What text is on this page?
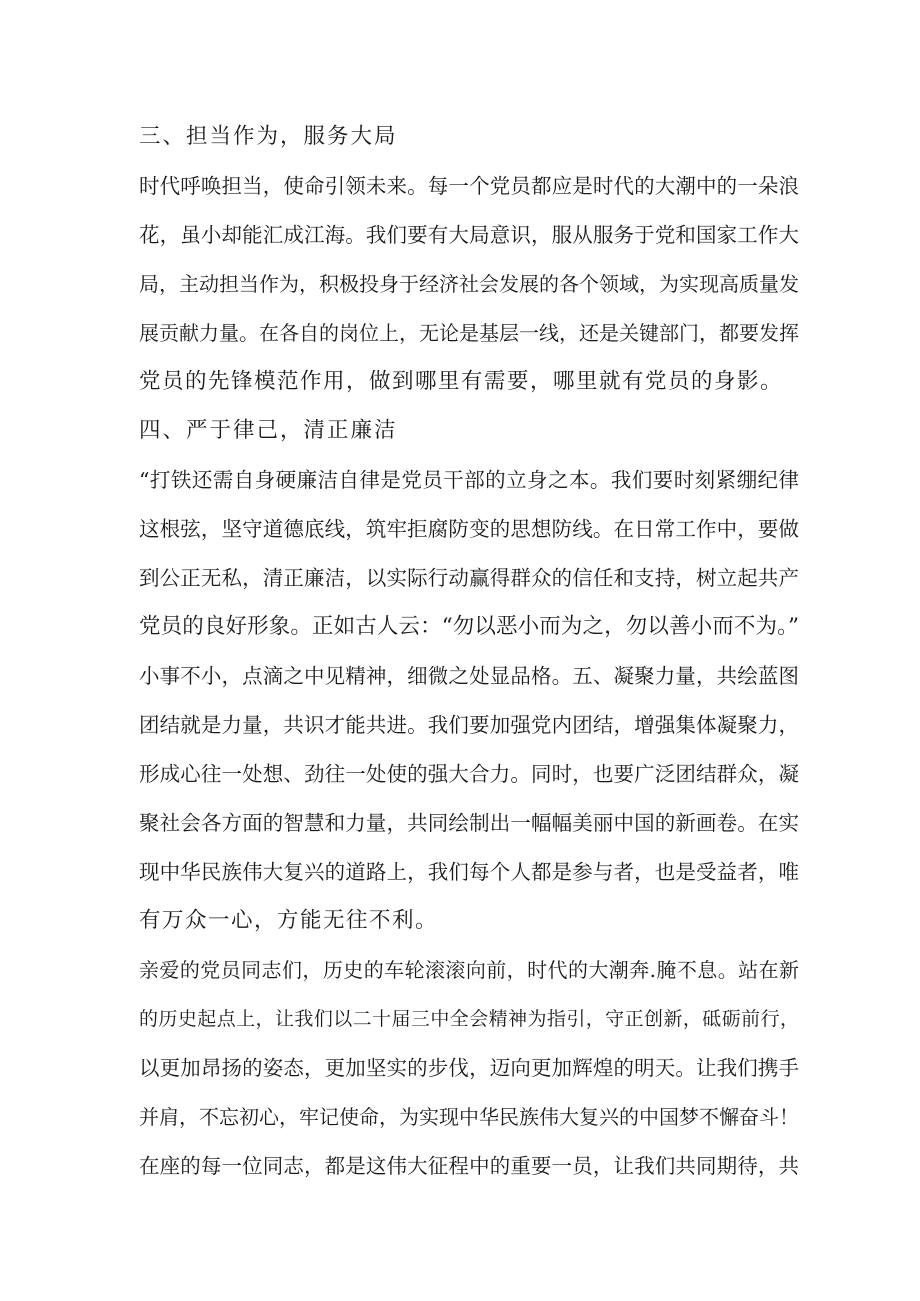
三、担当作为，服务大局
时代呼唤担当，使命引领未来。每一个党员都应是时代的大潮中的一朵浪
花，虽小却能汇成江海。我们要有大局意识，服从服务于党和国家工作大
局，主动担当作为，积极投身于经济社会发展的各个领域，为实现高质量发
展贡献力量。在各自的岗位上，无论是基层一线，还是关键部门，都要发挥
党员的先锋模范作用，做到哪里有需要，哪里就有党员的身影。
四、严于律己，清正廉洁
“打铁还需自身硬廉洁自律是党员干部的立身之本。我们要时刻紧绷纪律
这根弦，坚守道德底线，筑牢拒腐防变的思想防线。在日常工作中，要做
到公正无私，清正廉洁，以实际行动赢得群众的信任和支持，树立起共产
党员的良好形象。正如古人云：“勿以恶小而为之，勿以善小而不为。”
小事不小，点滴之中见精神，细微之处显品格。五、凝聚力量，共绘蓝图
团结就是力量，共识才能共进。我们要加强党内团结，增强集体凝聚力，
形成心往一处想、劲往一处使的强大合力。同时，也要广泛团结群众，凝
聚社会各方面的智慧和力量，共同绘制出一幅幅美丽中国的新画卷。在实
现中华民族伟大复兴的道路上，我们每个人都是参与者，也是受益者，唯
有万众一心，方能无往不利。
亲爱的党员同志们，历史的车轮滚滚向前，时代的大潮奔.腌不息。站在新
的历史起点上，让我们以二十届三中全会精神为指引，守正创新，砥砺前行，
以更加昂扬的姿态，更加坚实的步伐，迈向更加辉煌的明天。让我们携手
并肩，不忘初心，牢记使命，为实现中华民族伟大复兴的中国梦不懈奋斗！
在座的每一位同志，都是这伟大征程中的重要一员，让我们共同期待，共
